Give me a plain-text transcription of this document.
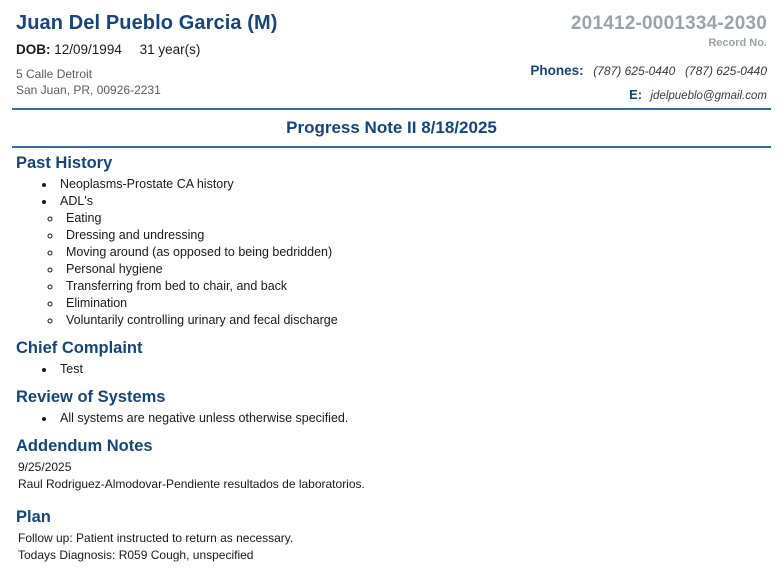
Juan Del Pueblo Garcia (M)
DOB: 12/09/1994 31 year(s)
5 Calle Detroit
San Juan, PR, 00926-2231
201412-0001334-2030
Record No.
Phones: (787) 625-0440 (787) 625-0440
E: jdelpueblo@gmail.com
Progress Note II 8/18/2025
Past History
• Neoplasms-Prostate CA history
• ADL's
◦ Eating
◦ Dressing and undressing
◦ Moving around (as opposed to being bedridden)
◦ Personal hygiene
◦ Transferring from bed to chair, and back
◦ Elimination
◦ Voluntarily controlling urinary and fecal discharge
Chief Complaint
• Test
Review of Systems
• All systems are negative unless otherwise specified.
Addendum Notes
9/25/2025
Raul Rodriguez-Almodovar-Pendiente resultados de laboratorios.
Plan
Follow up: Patient instructed to return as necessary.
Todays Diagnosis: R059 Cough, unspecified
